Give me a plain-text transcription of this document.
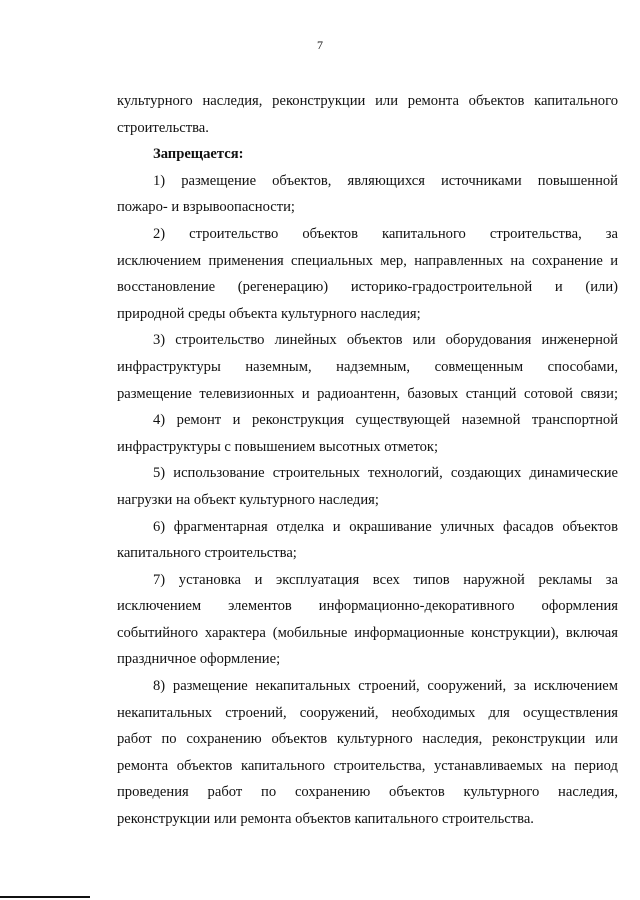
7
культурного наследия, реконструкции или ремонта объектов капитального
строительства.
Запрещается:
1) размещение объектов, являющихся источниками повышенной
пожаро- и взрывоопасности;
2) строительство объектов капитального строительства, за
исключением применения специальных мер, направленных на сохранение и
восстановление (регенерацию) историко-градостроительной и (или)
природной среды объекта культурного наследия;
3) строительство линейных объектов или оборудования инженерной
инфраструктуры наземным, надземным, совмещенным способами,
размещение телевизионных и радиоантенн, базовых станций сотовой связи;
4) ремонт и реконструкция существующей наземной транспортной
инфраструктуры с повышением высотных отметок;
5) использование строительных технологий, создающих динамические
нагрузки на объект культурного наследия;
6) фрагментарная отделка и окрашивание уличных фасадов объектов
капитального строительства;
7) установка и эксплуатация всех типов наружной рекламы за
исключением элементов информационно-декоративного оформления
событийного характера (мобильные информационные конструкции), включая
праздничное оформление;
8) размещение некапитальных строений, сооружений, за исключением
некапитальных строений, сооружений, необходимых для осуществления
работ по сохранению объектов культурного наследия, реконструкции или
ремонта объектов капитального строительства, устанавливаемых на период
проведения работ по сохранению объектов культурного наследия,
реконструкции или ремонта объектов капитального строительства.
